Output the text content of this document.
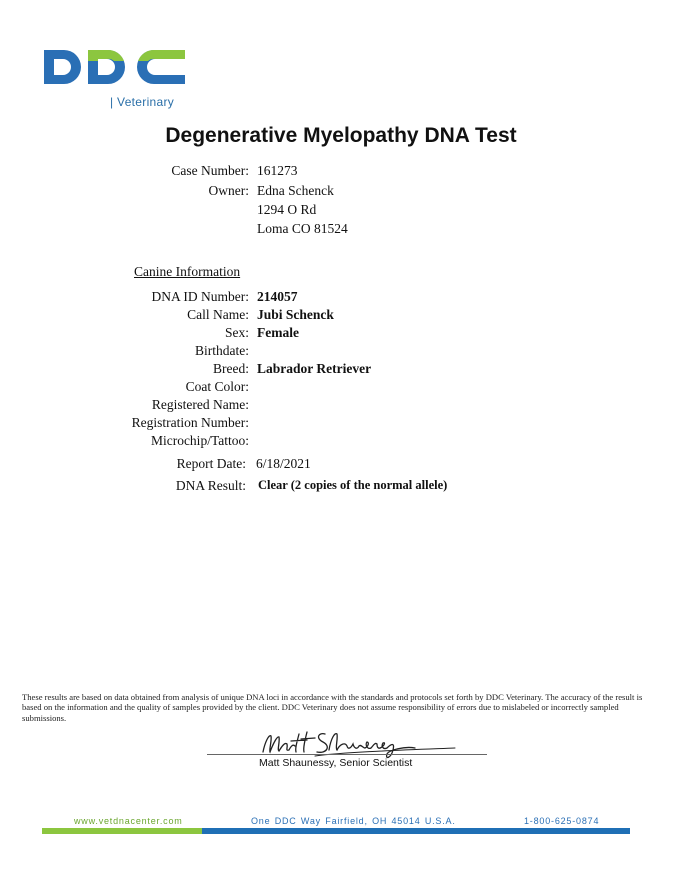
| Veterinary
Degenerative Myelopathy DNA Test
Case Number: 161273
Owner: Edna Schenck
1294 O Rd
Loma CO 81524
Canine Information
DNA ID Number: 214057
Call Name: Jubi Schenck
Sex: Female
Birthdate:
Breed: Labrador Retriever
Coat Color:
Registered Name:
Registration Number:
Microchip/Tattoo:
Report Date: 6/18/2021
DNA Result: Clear (2 copies of the normal allele)
These results are based on data obtained from analysis of unique DNA loci in accordance with the standards and protocols set forth by DDC Veterinary. The accuracy of the result is based on the information and the quality of samples provided by the client. DDC Veterinary does not assume responsibility of errors due to mislabeled or incorrectly sampled submissions.
Matt Shaunessy, Senior Scientist
www.vetdnacenter.com	One DDC Way Fairfield, OH 45014 U.S.A.	1-800-625-0874
